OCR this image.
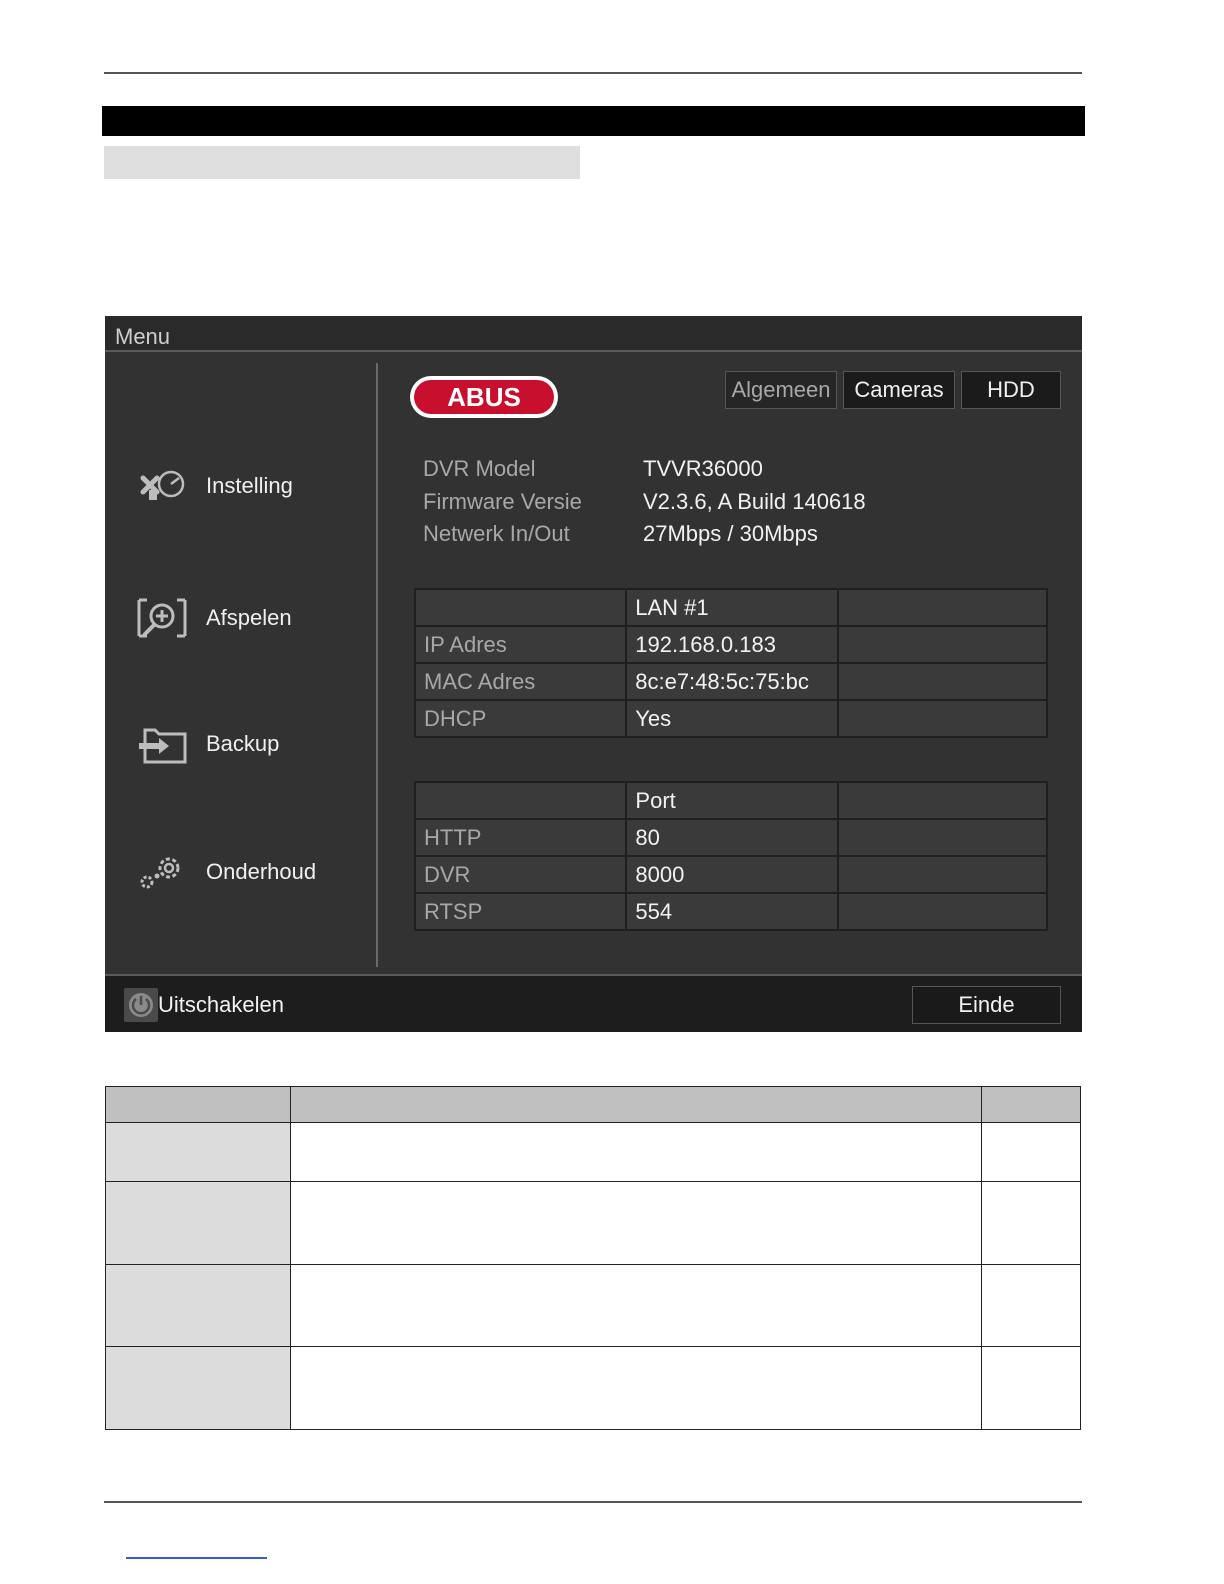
Menu
Instelling
Afspelen
Backup
Onderhoud
ABUS	Algemeen	Cameras	HDD
DVR Model	TVVR36000
Firmware Versie	V2.3.6, A Build 140618
Netwerk In/Out	27Mbps / 30Mbps
	LAN #1	
IP Adres	192.168.0.183	
MAC Adres	8c:e7:48:5c:75:bc	
DHCP	Yes	
	Port	
HTTP	80	
DVR	8000	
RTSP	554	
Uitschakelen	Einde
